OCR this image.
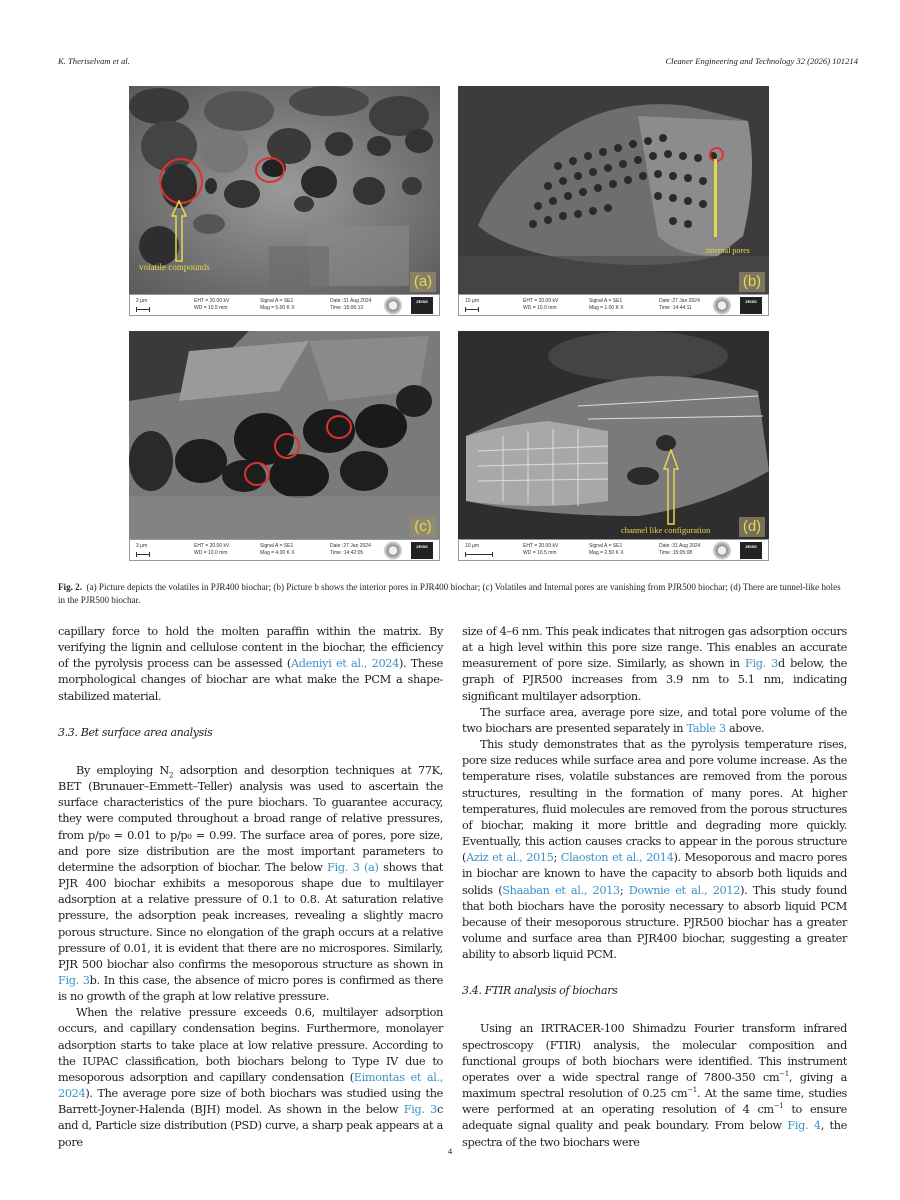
K. Theriselvam et al.	Cleaner Engineering and Technology 32 (2026) 101214
volatile compounds
(a)
2 μm	EHT = 20.00 kV
WD = 10.5 mm
Signal A = SE1
Mag = 5.00 K X
Date :31 Aug 2024
Time :15:06:13
ZEISS
internal pores
(b)
10 μm	EHT = 20.00 kV
WD = 10.0 mm
Signal A = SE1
Mag = 1.00 K X
Date :27 Jan 2024
Time :14:44:11
ZEISS
(c)
3 μm	EHT = 20.00 kV
WD = 10.0 mm
Signal A = SE1
Mag = 4.00 K X
Date :27 Jan 2024
Time :14:42:05
ZEISS
channel like configuration (d)
10 μm	EHT = 20.00 kV
WD = 10.5 mm
Signal A = SE1
Mag = 2.50 K X
Date :31 Aug 2024
Time :15:05:08
ZEISS
Fig. 2. (a) Picture depicts the volatiles in PJR400 biochar; (b) Picture b shows the interior pores in PJR400 biochar; (c) Volatiles and Internal pores are vanishing from PJR500 biochar; (d) There are tunnel-like holes in the PJR500 biochar.

capillary force to hold the molten paraffin within the matrix. By verifying the lignin and cellulose content in the biochar, the efficiency of the pyrolysis process can be assessed (Adeniyi et al., 2024). These morphological changes of biochar are what make the PCM a shape-stabilized material.

3.3. Bet surface area analysis

By employing $N_2$ adsorption and desorption techniques at 77K, BET (Brunauer–Emmett–Teller) analysis was used to ascertain the surface characteristics of the pure biochars. To guarantee accuracy, they were computed throughout a broad range of relative pressures, from p/p₀ = 0.01 to p/p₀ = 0.99. The surface area of pores, pore size, and pore size distribution are the most important parameters to determine the adsorption of biochar. The below Fig. 3 (a) shows that PJR 400 biochar exhibits a mesoporous shape due to multilayer adsorption at a relative pressure of 0.1 to 0.8. At saturation relative pressure, the adsorption peak increases, revealing a slightly macro porous structure. Since no elongation of the graph occurs at a relative pressure of 0.01, it is evident that there are no microspores. Similarly, PJR 500 biochar also confirms the mesoporous structure as shown in Fig. 3b. In this case, the absence of micro pores is confirmed as there is no growth of the graph at low relative pressure.

When the relative pressure exceeds 0.6, multilayer adsorption occurs, and capillary condensation begins. Furthermore, monolayer adsorption starts to take place at low relative pressure. According to the IUPAC classification, both biochars belong to Type IV due to mesoporous adsorption and capillary condensation (Eimontas et al., 2024). The average pore size of both biochars was studied using the Barrett-Joyner-Halenda (BJH) model. As shown in the below Fig. 3c and d, Particle size distribution (PSD) curve, a sharp peak appears at a pore

size of 4–6 nm. This peak indicates that nitrogen gas adsorption occurs at a high level within this pore size range. This enables an accurate measurement of pore size. Similarly, as shown in Fig. 3d below, the graph of PJR500 increases from 3.9 nm to 5.1 nm, indicating significant multilayer adsorption.

The surface area, average pore size, and total pore volume of the two biochars are presented separately in Table 3 above.

This study demonstrates that as the pyrolysis temperature rises, pore size reduces while surface area and pore volume increase. As the temperature rises, volatile substances are removed from the porous structures, resulting in the formation of many pores. At higher temperatures, fluid molecules are removed from the porous structures of biochar, making it more brittle and degrading more quickly. Eventually, this action causes cracks to appear in the porous structure (Aziz et al., 2015; Claoston et al., 2014). Mesoporous and macro pores in biochar are known to have the capacity to absorb both liquids and solids (Shaaban et al., 2013; Downie et al., 2012). This study found that both biochars have the porosity necessary to absorb liquid PCM because of their mesoporous structure. PJR500 biochar has a greater volume and surface area than PJR400 biochar, suggesting a greater ability to absorb liquid PCM.

3.4. FTIR analysis of biochars

Using an IRTRACER-100 Shimadzu Fourier transform infrared spectroscopy (FTIR) analysis, the molecular composition and functional groups of both biochars were identified. This instrument operates over a wide spectral range of 7800-350 $cm^{-1}$, giving a maximum spectral resolution of 0.25 $cm^{-1}$. At the same time, studies were performed at an operating resolution of 4 $cm^{-1}$ to ensure adequate signal quality and peak boundary. From below Fig. 4, the spectra of the two biochars were

4
